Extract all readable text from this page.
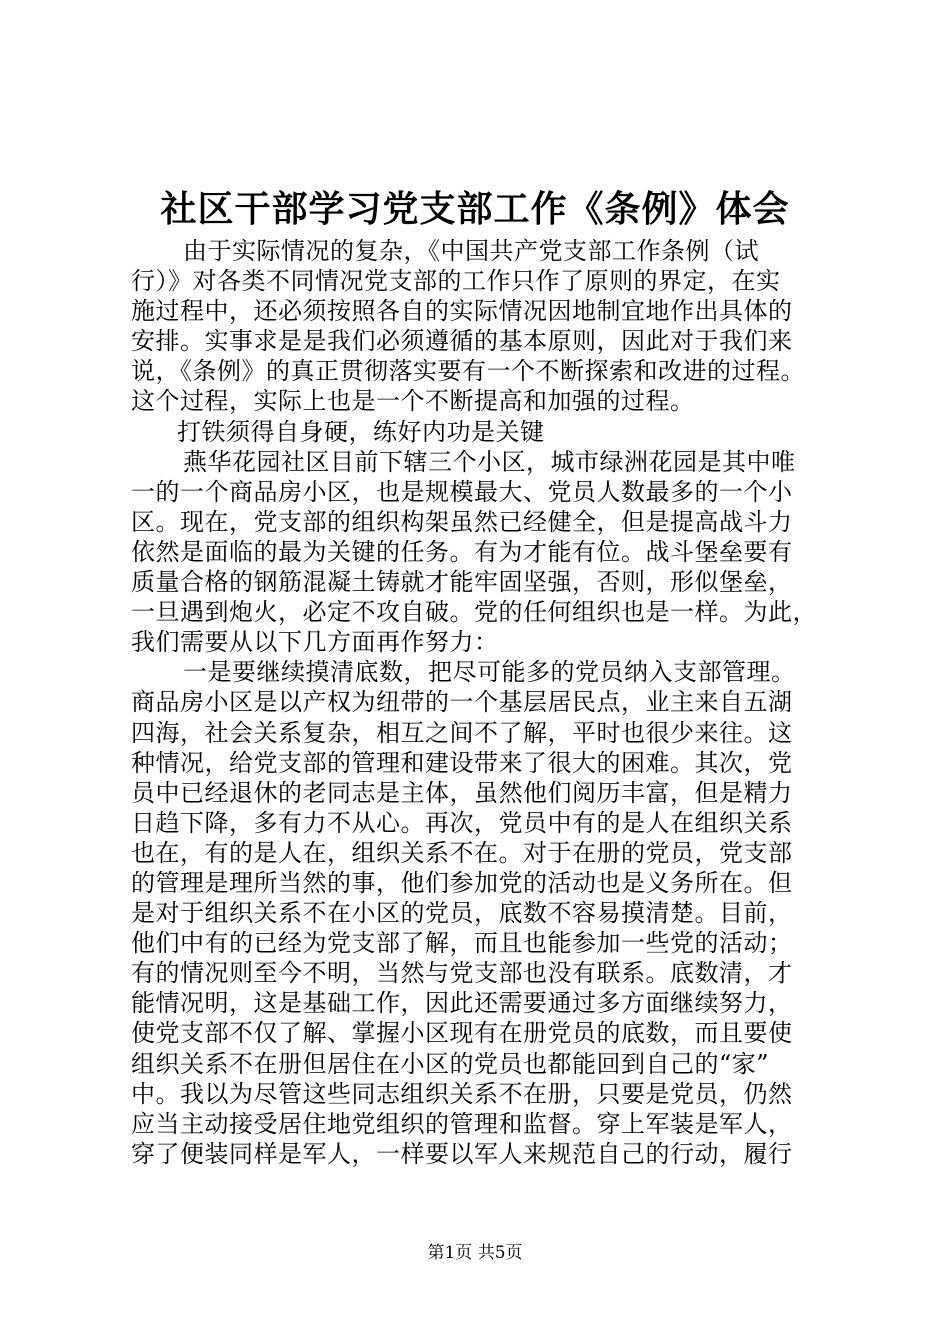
社区干部学习党支部工作《条例》体会
由于实际情况的复杂，《中国共产党支部工作条例（试
行）》对各类不同情况党支部的工作只作了原则的界定，在实
施过程中，还必须按照各自的实际情况因地制宜地作出具体的
安排。实事求是是我们必须遵循的基本原则，因此对于我们来
说，《条例》的真正贯彻落实要有一个不断探索和改进的过程。
这个过程，实际上也是一个不断提高和加强的过程。
打铁须得自身硬，练好内功是关键
燕华花园社区目前下辖三个小区，城市绿洲花园是其中唯
一的一个商品房小区，也是规模最大、党员人数最多的一个小
区。现在，党支部的组织构架虽然已经健全，但是提高战斗力
依然是面临的最为关键的任务。有为才能有位。战斗堡垒要有
质量合格的钢筋混凝土铸就才能牢固坚强，否则，形似堡垒，
一旦遇到炮火，必定不攻自破。党的任何组织也是一样。为此，
我们需要从以下几方面再作努力：
一是要继续摸清底数，把尽可能多的党员纳入支部管理。
商品房小区是以产权为纽带的一个基层居民点，业主来自五湖
四海，社会关系复杂，相互之间不了解，平时也很少来往。这
种情况，给党支部的管理和建设带来了很大的困难。其次，党
员中已经退休的老同志是主体，虽然他们阅历丰富，但是精力
日趋下降，多有力不从心。再次，党员中有的是人在组织关系
也在，有的是人在，组织关系不在。对于在册的党员，党支部
的管理是理所当然的事，他们参加党的活动也是义务所在。但
是对于组织关系不在小区的党员，底数不容易摸清楚。目前，
他们中有的已经为党支部了解，而且也能参加一些党的活动；
有的情况则至今不明，当然与党支部也没有联系。底数清，才
能情况明，这是基础工作，因此还需要通过多方面继续努力，
使党支部不仅了解、掌握小区现有在册党员的底数，而且要使
组织关系不在册但居住在小区的党员也都能回到自己的“家”
中。我以为尽管这些同志组织关系不在册，只要是党员，仍然
应当主动接受居住地党组织的管理和监督。穿上军装是军人，
穿了便装同样是军人，一样要以军人来规范自己的行动，履行
第1页 共5页
